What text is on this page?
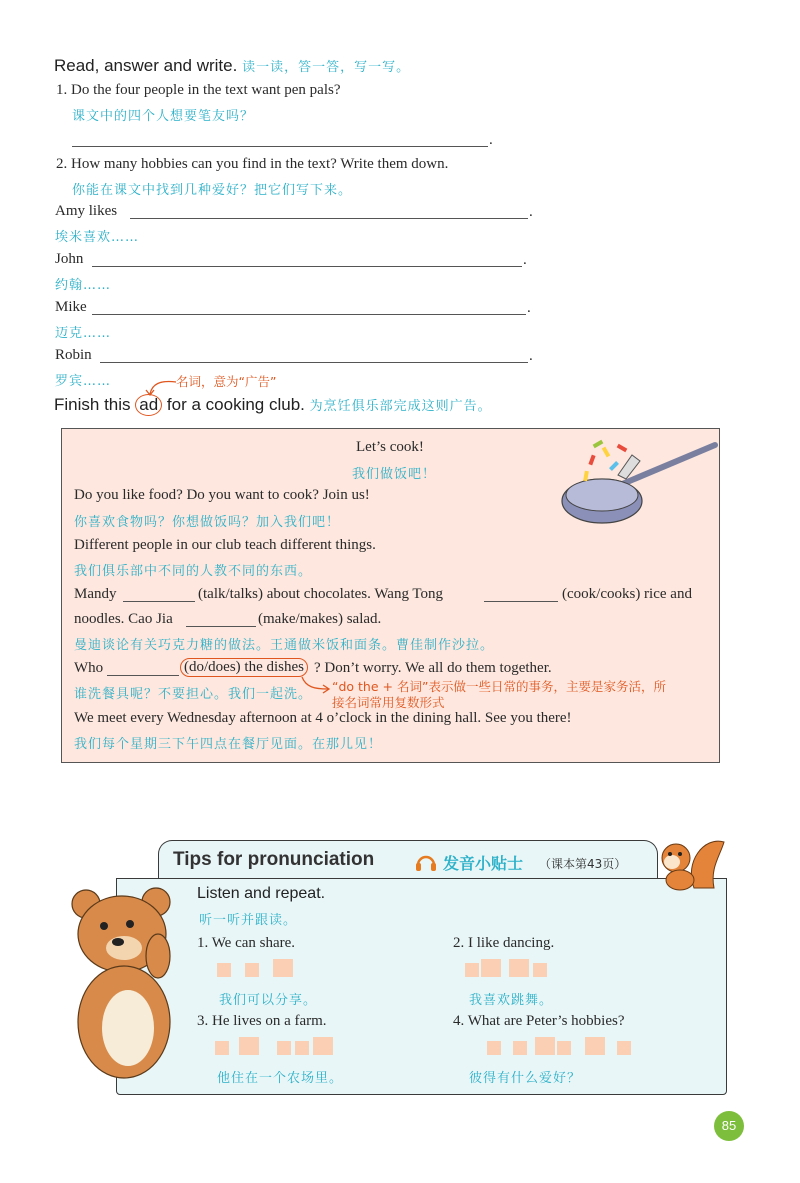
Read, answer and write. 读一读，答一答，写一写。
1. Do the four people in the text want pen pals?
课文中的四个人想要笔友吗？
.
2. How many hobbies can you find in the text? Write them down.
你能在课文中找到几种爱好？把它们写下来。
Amy likes	.
埃米喜欢……
John	.
约翰……
Mike	.
迈克……
Robin	.
罗宾……	名词，意为“广告”
Finish this ad for a cooking club. 为烹饪俱乐部完成这则广告。
Let’s cook!
我们做饭吧！
Do you like food? Do you want to cook? Join us!
你喜欢食物吗？你想做饭吗？加入我们吧！
Different people in our club teach different things.
我们俱乐部中不同的人教不同的东西。
Mandy	(talk/talks) about chocolates. Wang Tong	(cook/cooks) rice and
noodles. Cao Jia	(make/makes) salad.
曼迪谈论有关巧克力糖的做法。王通做米饭和面条。曹佳制作沙拉。
Who	(do/does) the dishes ? Don’t worry. We all do them together.
谁洗餐具呢？不要担心。我们一起洗。
“do the + 名词”表示做一些日常的事务，主要是家务活，所
接名词常用复数形式
We meet every Wednesday afternoon at 4 o’clock in the dining hall. See you there!
我们每个星期三下午四点在餐厅见面。在那儿见！
Tips for pronunciation	发音小贴士 （课本第43页）
Listen and repeat.
听一听并跟读。
1. We can share.
我们可以分享。
2. I like dancing.
我喜欢跳舞。
3. He lives on a farm.
他住在一个农场里。
4. What are Peter’s hobbies?
彼得有什么爱好？
85
